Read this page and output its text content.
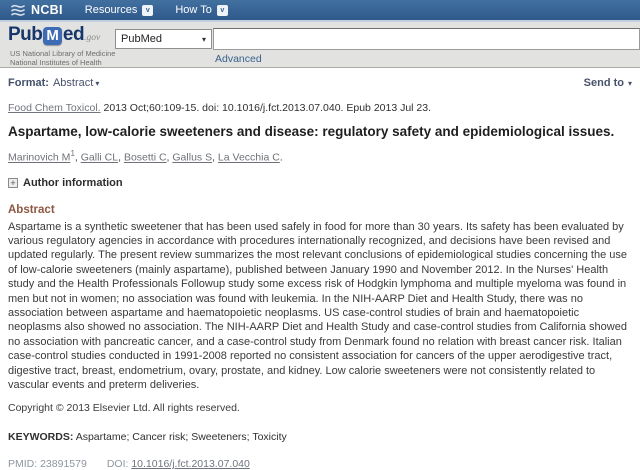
NCBI Resources	v	How To	v
Pub M ed.gov
US National Library of Medicine
National Institutes of Health
PubMed	▾
Advanced
Format: Abstract ▾	Send to ▾
Food Chem Toxicol. 2013 Oct;60:109-15. doi: 10.1016/j.fct.2013.07.040. Epub 2013 Jul 23.
Aspartame, low-calorie sweeteners and disease: regulatory safety and epidemiological issues.
Marinovich $M^1$, Galli CL, Bosetti C, Gallus S, La Vecchia C.
+ Author information
Abstract
Aspartame is a synthetic sweetener that has been used safely in food for more than 30 years. Its safety has been evaluated by various regulatory agencies in accordance with procedures internationally recognized, and decisions have been revised and updated regularly. The present review summarizes the most relevant conclusions of epidemiological studies concerning the use of low-calorie sweeteners (mainly aspartame), published between January 1990 and November 2012. In the Nurses' Health study and the Health Professionals Followup study some excess risk of Hodgkin lymphoma and multiple myeloma was found in men but not in women; no association was found with leukemia. In the NIH-AARP Diet and Health Study, there was no association between aspartame and haematopoietic neoplasms. US case-control studies of brain and haematopoietic neoplasms also showed no association. The NIH-AARP Diet and Health Study and case-control studies from California showed no association with pancreatic cancer, and a case-control study from Denmark found no relation with breast cancer risk. Italian case-control studies conducted in 1991-2008 reported no consistent association for cancers of the upper aerodigestive tract, digestive tract, breast, endometrium, ovary, prostate, and kidney. Low calorie sweeteners were not consistently related to vascular events and preterm deliveries.
Copyright © 2013 Elsevier Ltd. All rights reserved.
KEYWORDS: Aspartame; Cancer risk; Sweeteners; Toxicity
PMID: 23891579 DOI: 10.1016/j.fct.2013.07.040
